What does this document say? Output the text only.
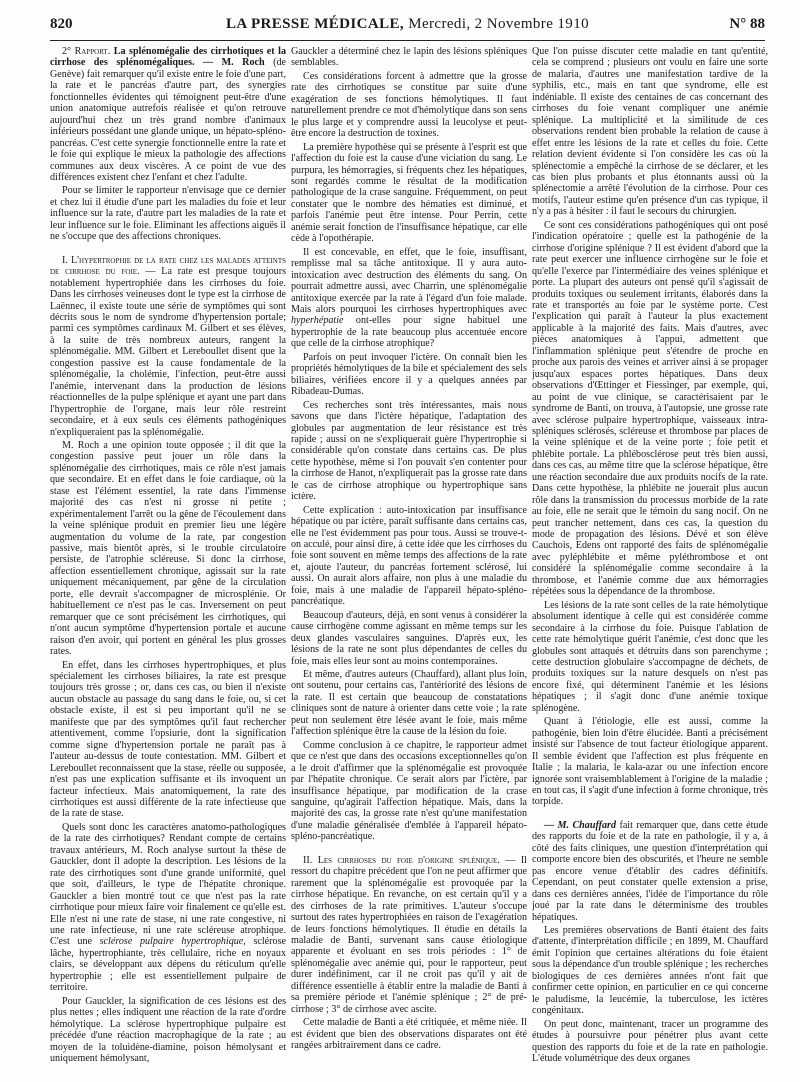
820	LA PRESSE MÉDICALE, Mercredi, 2 Novembre 1910	N° 88

2° Rapport. La splénomégalie des cirrhotiques et la cirrhose des splénomégaliques. — M. Roch (de Genève) fait remarquer qu'il existe entre le foie d'une part, la rate et le pancréas d'autre part, des synergies fonctionnelles évidentes qui témoignent peut-être d'une union anatomique autrefois réalisée et qu'on retrouve aujourd'hui chez un très grand nombre d'animaux inférieurs possédant une glande unique, un hépato-spléno-pancréas. C'est cette synergie fonctionnelle entre la rate et le foie qui explique le mieux la pathologie des affections communes aux deux viscères. A ce point de vue des différences existent chez l'enfant et chez l'adulte.

Pour se limiter le rapporteur n'envisage que ce dernier et chez lui il étudie d'une part les maladies du foie et leur influence sur la rate, d'autre part les maladies de la rate et leur influence sur le foie. Eliminant les affections aiguës il ne s'occupe que des affections chroniques.

I. L'hypertrophie de la rate chez les malades atteints de cirrhose du foie. — La rate est presque toujours notablement hypertrophiée dans les cirrhoses du foie. Dans les cirrhoses veineuses dont le type est la cirrhose de Laënnec, il existe toute une série de symptômes qui sont décrits sous le nom de syndrome d'hypertension portale; parmi ces symptômes cardinaux M. Gilbert et ses élèves, à la suite de très nombreux auteurs, rangent la splénomégalie. MM. Gilbert et Lereboullet disent que la congestion passive est la cause fondamentale de la splénomégalie, la cholémie, l'infection, peut-être aussi l'anémie, intervenant dans la production de lésions réactionnelles de la pulpe splénique et ayant une part dans l'hypertrophie de l'organe, mais leur rôle restreint secondaire, et à eux seuls ces éléments pathogéniques n'expliqueraient pas la splénomégalie.

M. Roch a une opinion toute opposée ; il dit que la congestion passive peut jouer un rôle dans la splénomégalie des cirrhotiques, mais ce rôle n'est jamais que secondaire. Et en effet dans le foie cardiaque, où la stase est l'élément essentiel, la rate dans l'immense majorité des cas n'est ni grosse ni petite ; expérimentalement l'arrêt ou la gêne de l'écoulement dans la veine splénique produit en premier lieu une légère augmentation du volume de la rate, par congestion passive, mais bientôt après, si le trouble circulatoire persiste, de l'atrophie scléreuse. Si donc la cirrhose, affection essentiellement chronique, agissait sur la rate uniquement mécaniquement, par gêne de la circulation porte, elle devrait s'accompagner de microsplénie. Or habituellement ce n'est pas le cas. Inversement on peut remarquer que ce sont précisément les cirrhotiques, qui n'ont aucun symptôme d'hypertension portale et aucune raison d'en avoir, qui portent en général les plus grosses rates.

En effet, dans les cirrhoses hypertrophiques, et plus spécialement les cirrhoses biliaires, la rate est presque toujours très grosse ; or, dans ces cas, ou bien il n'existe aucun obstacle au passage du sang dans le foie, ou, si cet obstacle existe, il est si peu important qu'il ne se manifeste que par des symptômes qu'il faut rechercher attentivement, comme l'opsiurie, dont la signification comme signe d'hypertension portale ne paraît pas à l'auteur au-dessus de toute contestation. MM. Gilbert et Lereboullet reconnaissent que la stase, réelle ou supposée, n'est pas une explication suffisante et ils invoquent un facteur infectieux. Mais anatomiquement, la rate des cirrhotiques est aussi différente de la rate infectieuse que de la rate de stase.

Quels sont donc les caractères anatomo-pathologiques de la rate des cirrhotiques? Rendant compte de certains travaux antérieurs, M. Roch analyse surtout la thèse de Gauckler, dont il adopte la description. Les lésions de la rate des cirrhotiques sont d'une grande uniformité, quel que soit, d'ailleurs, le type de l'hépatite chronique. Gauckler a bien montré tout ce que n'est pas la rate cirrhotique pour mieux faire voir finalement ce qu'elle est. Elle n'est ni une rate de stase, ni une rate congestive, ni une rate infectieuse, ni une rate scléreuse atrophique. C'est une sclérose pulpaire hypertrophique, sclérose lâche, hypertrophiante, très cellulaire, riche en noyaux clairs, se développant aux dépens du réticulum qu'elle hypertrophie ; elle est essentiellement pulpaire de territoire.

Pour Gauckler, la signification de ces lésions est des plus nettes ; elles indiquent une réaction de la rate d'ordre hémolytique. La sclérose hypertrophique pulpaire est précédée d'une réaction macrophagique de la rate ; au moyen de la toluidène-diamine, poison hémolysant et uniquement hémolysant,

Gauckler a déterminé chez le lapin des lésions spléniques semblables.

Ces considérations forcent à admettre que la grosse rate des cirrhotiques se constitue par suite d'une exagération de ses fonctions hémolytiques. Il faut naturellement prendre ce mot d'hémolytique dans son sens le plus large et y comprendre aussi la leucolyse et peut-être encore la destruction de toxines.

La première hypothèse qui se présente à l'esprit est que l'affection du foie est la cause d'une viciation du sang. Le purpura, les hémorragies, si fréquents chez les hépatiques, sont regardés comme le résultat de la modification pathologique de la crase sanguine. Fréquemment, on peut constater que le nombre des hématies est diminué, et parfois l'anémie peut être intense. Pour Perrin, cette anémie serait fonction de l'insuffisance hépatique, car elle cède à l'opothérapie.

Il est concevable, en effet, que le foie, insuffisant, remplisse mal sa tâche antitoxique. Il y aura auto-intoxication avec destruction des éléments du sang. On pourrait admettre aussi, avec Charrin, une splénomégalie antitoxique exercée par la rate à l'égard d'un foie malade. Mais alors pourquoi les cirrhoses hypertrophiques avec hyperhépatie ont-elles pour signe habituel une hypertrophie de la rate beaucoup plus accentuée encore que celle de la cirrhose atrophique?

Parfois on peut invoquer l'ictère. On connaît bien les propriétés hémolytiques de la bile et spécialement des sels biliaires, vérifiées encore il y a quelques années par Ribadeau-Dumas.

Ces recherches sont très intéressantes, mais nous savons que dans l'ictère hépatique, l'adaptation des globules par augmentation de leur résistance est très rapide ; aussi on ne s'expliquerait guère l'hypertrophie si considérable qu'on constate dans certains cas. De plus cette hypothèse, même si l'on pouvait s'en contenter pour la cirrhose de Hanot, n'expliquerait pas la grosse rate dans le cas de cirrhose atrophique ou hypertrophique sans ictère.

Cette explication : auto-intoxication par insuffisance hépatique ou par ictère, paraît suffisante dans certains cas, elle ne l'est évidemment pas pour tous. Aussi se trouve-t-on acculé, pour ainsi dire, à cette idée que les cirrhoses du foie sont souvent en même temps des affections de la rate et, ajoute l'auteur, du pancréas fortement sclérosé, lui aussi. On aurait alors affaire, non plus à une maladie du foie, mais à une maladie de l'appareil hépato-spléno-pancréatique.

Beaucoup d'auteurs, déjà, en sont venus à considérer la cause cirrhogène comme agissant en même temps sur les deux glandes vasculaires sanguines. D'après eux, les lésions de la rate ne sont plus dépendantes de celles du foie, mais elles leur sont au moins contemporaines.

Et même, d'autres auteurs (Chauffard), allant plus loin, ont soutenu, pour certains cas, l'antériorité des lésions de la rate. Il est certain que beaucoup de constatations cliniques sont de nature à orienter dans cette voie ; la rate peut non seulement être lésée avant le foie, mais même l'affection splénique être la cause de la lésion du foie.

Comme conclusion à ce chapitre, le rapporteur admet que ce n'est que dans des occasions exceptionnelles qu'on a le droit d'affirmer que la splénomégalie est provoquée par l'hépatite chronique. Ce serait alors par l'ictère, par insuffisance hépatique, par modification de la crase sanguine, qu'agirait l'affection hépatique. Mais, dans la majorité des cas, la grosse rate n'est qu'une manifestation d'une maladie généralisée d'emblée à l'appareil hépato-spléno-pancréatique.

II. Les cirrhoses du foie d'origine splénique. — Il ressort du chapitre précédent que l'on ne peut affirmer que rarement que la splénomégalie est provoquée par la cirrhose hépatique. En revanche, on est certain qu'il y a des cirrhoses de la rate primitives. L'auteur s'occupe surtout des rates hypertrophiées en raison de l'exagération de leurs fonctions hémolytiques. Il étudie en détails la maladie de Banti, survenant sans cause étiologique apparente et évoluant en ses trois périodes : 1° de splénomégalie avec anémie qui, pour le rapporteur, peut durer indéfiniment, car il ne croit pas qu'il y ait de différence essentielle à établir entre la maladie de Banti à sa première période et l'anémie splénique ; 2° de pré-cirrhose ; 3° de cirrhose avec ascite.

Cette maladie de Banti a été critiquée, et même niée. Il est évident que bien des observations disparates ont été rangées arbitrairement dans ce cadre.

Que l'on puisse discuter cette maladie en tant qu'entité, cela se comprend ; plusieurs ont voulu en faire une sorte de malaria, d'autres une manifestation tardive de la syphilis, etc., mais en tant que syndrome, elle est indéniable. Il existe des centaines de cas concernant des cirrhoses du foie venant compliquer une anémie splénique. La multiplicité et la similitude de ces observations rendent bien probable la relation de cause à effet entre les lésions de la rate et celles du foie. Cette relation devient évidente si l'on considère les cas où la splénectomie a empêché la cirrhose de se déclarer, et les cas bien plus probants et plus étonnants aussi où la splénectomie a arrêté l'évolution de la cirrhose. Pour ces motifs, l'auteur estime qu'en présence d'un cas typique, il n'y a pas à hésiter : il faut le secours du chirurgien.

Ce sont ces considérations pathogéniques qui ont posé l'indication opératoire ; quelle est la pathogénie de la cirrhose d'origine splénique ? Il est évident d'abord que la rate peut exercer une influence cirrhogène sur le foie et qu'elle l'exerce par l'intermédiaire des veines splénique et porte. La plupart des auteurs ont pensé qu'il s'agissait de produits toxiques ou seulement irritants, élaborés dans la rate et transportés au foie par le système porte. C'est l'explication qui paraît à l'auteur la plus exactement applicable à la majorité des faits. Mais d'autres, avec pièces anatomiques à l'appui, admettent que l'inflammation splénique peut s'étendre de proche en proche aux parois des veines et arriver ainsi à se propager jusqu'aux espaces portes hépatiques. Dans deux observations d'Œttinger et Fiessinger, par exemple, qui, au point de vue clinique, se caractérisaient par le syndrome de Banti, on trouva, à l'autopsie, une grosse rate avec sclérose pulpaire hypertrophique, vaisseaux intra-spléniques sclérosés, scléreuse et thrombose par places de la veine splénique et de la veine porte ; foie petit et phlébite portale. La phlébosclérose peut très bien aussi, dans ces cas, au même titre que la sclérose hépatique, être une réaction secondaire due aux produits nocifs de la rate. Dans cette hypothèse, la phlébite ne jouerait plus aucun rôle dans la transmission du processus morbide de la rate au foie, elle ne serait que le témoin du sang nocif. On ne peut trancher nettement, dans ces cas, la question du mode de propagation des lésions. Dévé et son élève Cauchois, Edens ont rapporté des faits de splénomégalie avec pyléphlébite et même pyléthrombose et ont considéré la splénomégalie comme secondaire à la thrombose, et l'anémie comme due aux hémorragies répétées sous la dépendance de la thrombose.

Les lésions de la rate sont celles de la rate hémolytique absolument identique à celle qui est considérée comme secondaire à la cirrhose du foie. Puisque l'ablation de cette rate hémolytique guérit l'anémie, c'est donc que les globules sont attaqués et détruits dans son parenchyme ; cette destruction globulaire s'accompagne de déchets, de produits toxiques sur la nature desquels on n'est pas encore fixé, qui déterminent l'anémie et les lésions hépatiques ; il s'agit donc d'une anémie toxique splénogène.

Quant à l'étiologie, elle est aussi, comme la pathogénie, bien loin d'être élucidée. Banti a précisément insisté sur l'absence de tout facteur étiologique apparent. Il semble évident que l'affection est plus fréquente en Italie ; la malaria, le kala-azar ou une infection encore ignorée sont vraisemblablement à l'origine de la maladie ; en tout cas, il s'agit d'une infection à forme chronique, très torpide.

— M. Chauffard fait remarquer que, dans cette étude des rapports du foie et de la rate en pathologie, il y a, à côté des faits cliniques, une question d'interprétation qui comporte encore bien des obscurités, et l'heure ne semble pas encore venue d'établir des cadres définitifs. Cependant, on peut constater quelle extension a prise, dans ces dernières années, l'idée de l'importance du rôle joué par la rate dans le déterminisme des troubles hépatiques.

Les premières observations de Banti étaient des faits d'attente, d'interprétation difficile ; en 1899, M. Chauffard émit l'opinion que certaines altérations du foie étaient sous la dépendance d'un trouble splénique ; les recherches biologiques de ces dernières années n'ont fait que confirmer cette opinion, en particulier en ce qui concerne le paludisme, la leucémie, la tuberculose, les ictères congénitaux.

On peut donc, maintenant, tracer un programme des études à poursuivre pour pénétrer plus avant cette question des rapports du foie et de la rate en pathologie. L'étude volumétrique des deux organes
